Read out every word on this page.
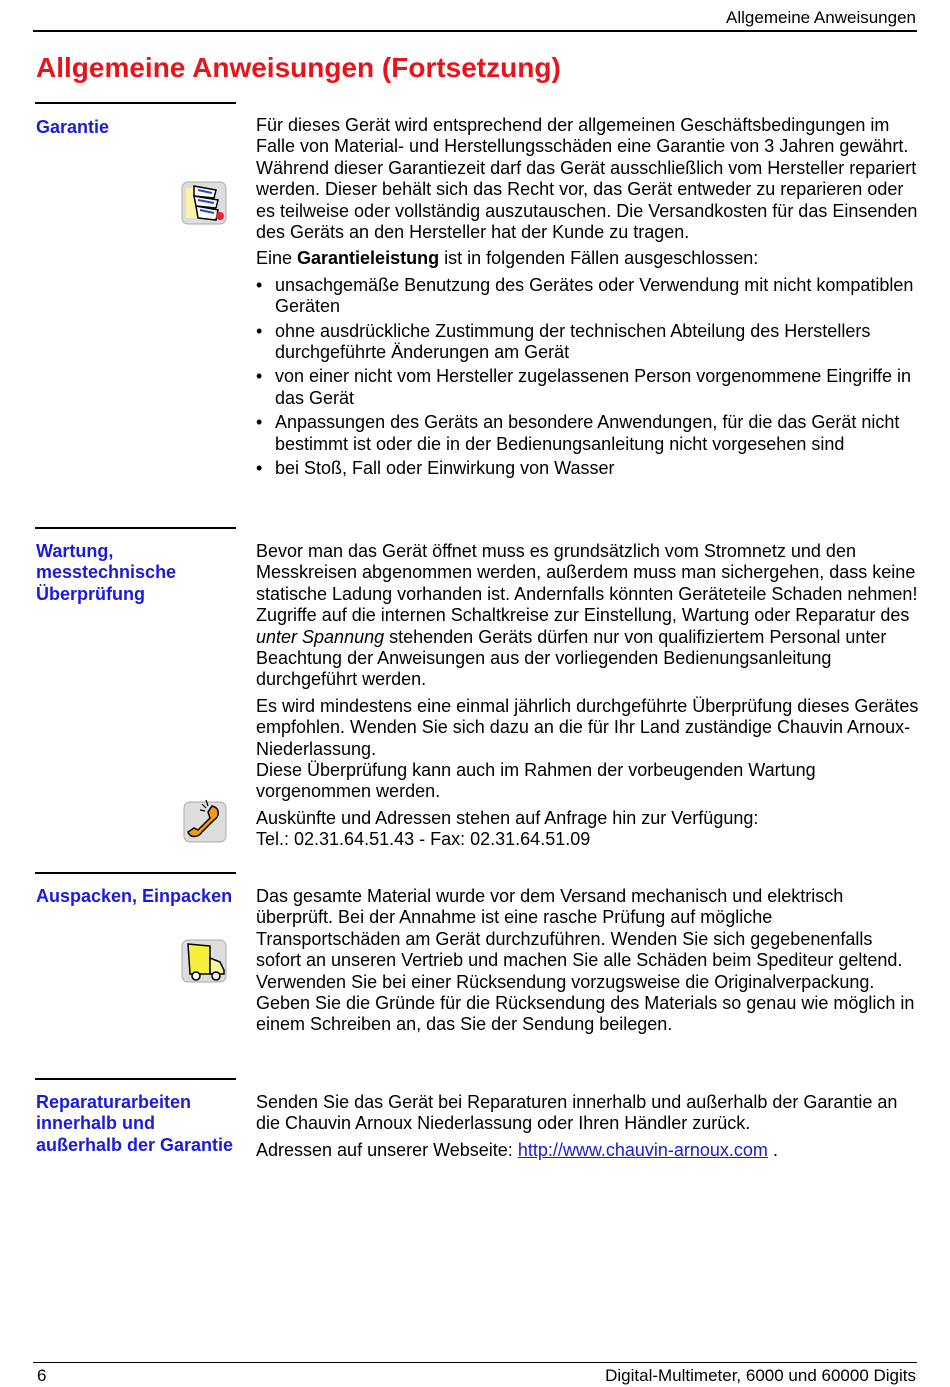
Allgemeine Anweisungen
Allgemeine Anweisungen (Fortsetzung)
Garantie	Für dieses Gerät wird entsprechend der allgemeinen Geschäftsbedingungen im Falle von Material- und Herstellungsschäden eine Garantie von 3 Jahren gewährt. Während dieser Garantiezeit darf das Gerät ausschließlich vom Hersteller repariert werden. Dieser behält sich das Recht vor, das Gerät entweder zu reparieren oder es teilweise oder vollständig auszutauschen. Die Versandkosten für das Einsenden des Geräts an den Hersteller hat der Kunde zu tragen.

Eine Garantieleistung ist in folgenden Fällen ausgeschlossen:

• unsachgemäße Benutzung des Gerätes oder Verwendung mit nicht kompatiblen Geräten
• ohne ausdrückliche Zustimmung der technischen Abteilung des Herstellers durchgeführte Änderungen am Gerät
• von einer nicht vom Hersteller zugelassenen Person vorgenommene Eingriffe in das Gerät
• Anpassungen des Geräts an besondere Anwendungen, für die das Gerät nicht bestimmt ist oder die in der Bedienungsanleitung nicht vorgesehen sind
• bei Stoß, Fall oder Einwirkung von Wasser
Wartung, messtechnische Überprüfung

Bevor man das Gerät öffnet muss es grundsätzlich vom Stromnetz und den Messkreisen abgenommen werden, außerdem muss man sichergehen, dass keine statische Ladung vorhanden ist. Andernfalls könnten Geräteteile Schaden nehmen! Zugriffe auf die internen Schaltkreise zur Einstellung, Wartung oder Reparatur des unter Spannung stehenden Geräts dürfen nur von qualifiziertem Personal unter Beachtung der Anweisungen aus der vorliegenden Bedienungsanleitung durchgeführt werden.

Es wird mindestens eine einmal jährlich durchgeführte Überprüfung dieses Gerätes empfohlen. Wenden Sie sich dazu an die für Ihr Land zuständige Chauvin Arnoux-Niederlassung.

Diese Überprüfung kann auch im Rahmen der vorbeugenden Wartung vorgenommen werden.

Auskünfte und Adressen stehen auf Anfrage hin zur Verfügung:

Tel.: 02.31.64.51.43 - Fax: 02.31.64.51.09

Auspacken, Einpacken Das gesamte Material wurde vor dem Versand mechanisch und elektrisch überprüft. Bei der Annahme ist eine rasche Prüfung auf mögliche Transportschäden am Gerät durchzuführen. Wenden Sie sich gegebenenfalls sofort an unseren Vertrieb und machen Sie alle Schäden beim Spediteur geltend.

Verwenden Sie bei einer Rücksendung vorzugsweise die Originalverpackung. Geben Sie die Gründe für die Rücksendung des Materials so genau wie möglich in einem Schreiben an, das Sie der Sendung beilegen.

Reparaturarbeiten innerhalb und außerhalb der Garantie

Senden Sie das Gerät bei Reparaturen innerhalb und außerhalb der Garantie an die Chauvin Arnoux Niederlassung oder Ihren Händler zurück.

Adressen auf unserer Webseite: http://www.chauvin-arnoux.com .

6	Digital-Multimeter, 6000 und 60000 Digits
